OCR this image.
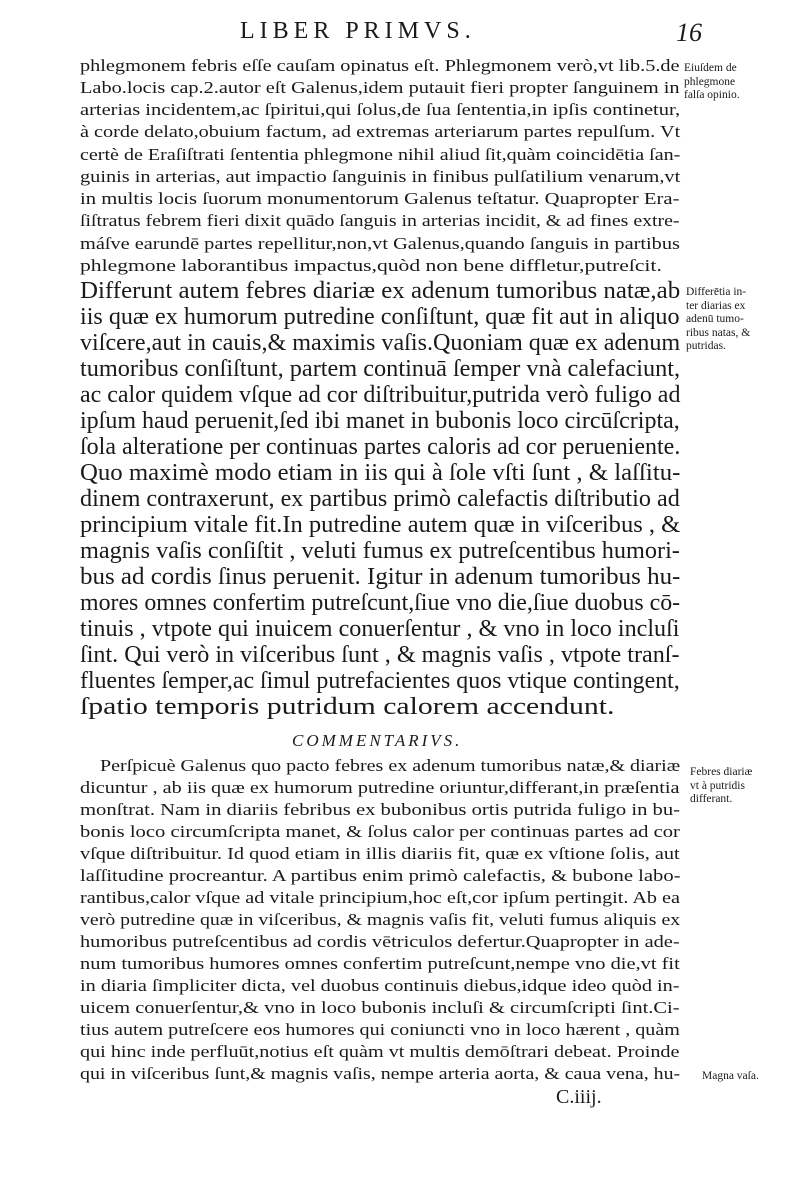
LIBER PRIMVS.	16
phlegmonem febris eſſe cauſam opinatus eſt. Phlegmonem verò,vt lib.5.de
Labo.locis cap.2.autor eſt Galenus,idem putauit fieri propter ſanguinem in
arterias incidentem,ac ſpiritui,qui ſolus,de ſua ſententia,in ipſis continetur,
à corde delato,obuium factum, ad extremas arteriarum partes repulſum. Vt
certè de Eraſiſtrati ſententia phlegmone nihil aliud ſit,quàm coincidētia ſan-
guinis in arterias, aut impactio ſanguinis in finibus pulſatilium venarum,vt
in multis locis ſuorum monumentorum Galenus teſtatur. Quapropter Era-
ſiſtratus febrem fieri dixit quādo ſanguis in arterias incidit, & ad fines extre-
máſve earundē partes repellitur,non,vt Galenus,quando ſanguis in partibus
phlegmone laborantibus impactus,quòd non bene diffletur,putreſcit.
Differunt autem febres diariæ ex adenum tumoribus natæ,ab
iis quæ ex humorum putredine conſiſtunt, quæ fit aut in aliquo
viſcere,aut in cauis,& maximis vaſis.Quoniam quæ ex adenum
tumoribus conſiſtunt, partem continuā ſemper vnà calefaciunt,
ac calor quidem vſque ad cor diſtribuitur,putrida verò fuligo ad
ipſum haud peruenit,ſed ibi manet in bubonis loco circūſcripta,
ſola alteratione per continuas partes caloris ad cor peruenientе.
Quo maximè modo etiam in iis qui à ſole vſti ſunt , & laſſitu-
dinem contraxerunt, ex partibus primò calefactis diſtributio ad
principium vitale fit.In putredine autem quæ in viſceribus , &
magnis vaſis conſiſtit , veluti fumus ex putreſcentibus humori-
bus ad cordis ſinus peruenit. Igitur in adenum tumoribus hu-
mores omnes confertim putreſcunt,ſiue vno die,ſiue duobus cō-
tinuis , vtpote qui inuicem conuerſentur , & vno in loco incluſi
ſint. Qui verò in viſceribus ſunt , & magnis vaſis , vtpote tranſ-
fluentes ſemper,ac ſimul putrefacientes quos vtique contingent,
ſpatio temporis putridum calorem accendunt.
COMMENTARIVS.
Perſpicuè Galenus quo pacto febres ex adenum tumoribus natæ,& diariæ
dicuntur , ab iis quæ ex humorum putredine oriuntur,differant,in præſentia
monſtrat. Nam in diariis febribus ex bubonibus ortis putrida fuligo in bu-
bonis loco circumſcripta manet, & ſolus calor per continuas partes ad cor
vſque diſtribuitur. Id quod etiam in illis diariis fit, quæ ex vſtione ſolis, aut
laſſitudine procreantur. A partibus enim primò calefactis, & bubone labo-
rantibus,calor vſque ad vitale principium,hoc eſt,cor ipſum pertingit. Ab ea
verò putredine quæ in viſceribus, & magnis vaſis fit, veluti fumus aliquis ex
humoribus putreſcentibus ad cordis vētriculos defertur.Quapropter in ade-
num tumoribus humores omnes confertim putreſcunt,nempe vno die,vt fit
in diaria ſimpliciter dicta, vel duobus continuis diebus,idque ideo quòd in-
uicem conuerſentur,& vno in loco bubonis incluſi & circumſcripti ſint.Ci-
tius autem putreſcere eos humores qui coniuncti vno in loco hærent , quàm
qui hinc inde perfluūt,notius eſt quàm vt multis demōſtrari debeat. Proinde
qui in viſceribus ſunt,& magnis vaſis, nempe arteria aorta, & caua vena, hu-
Eiuſdem de
phlegmone
falſa opinio.
Differētia in-
ter diarias ex
adenū tumo-
ribus natas, &
putridas.
Febres diariæ
vt à putridis
differant.
Magna vaſa.
C.iiij.
